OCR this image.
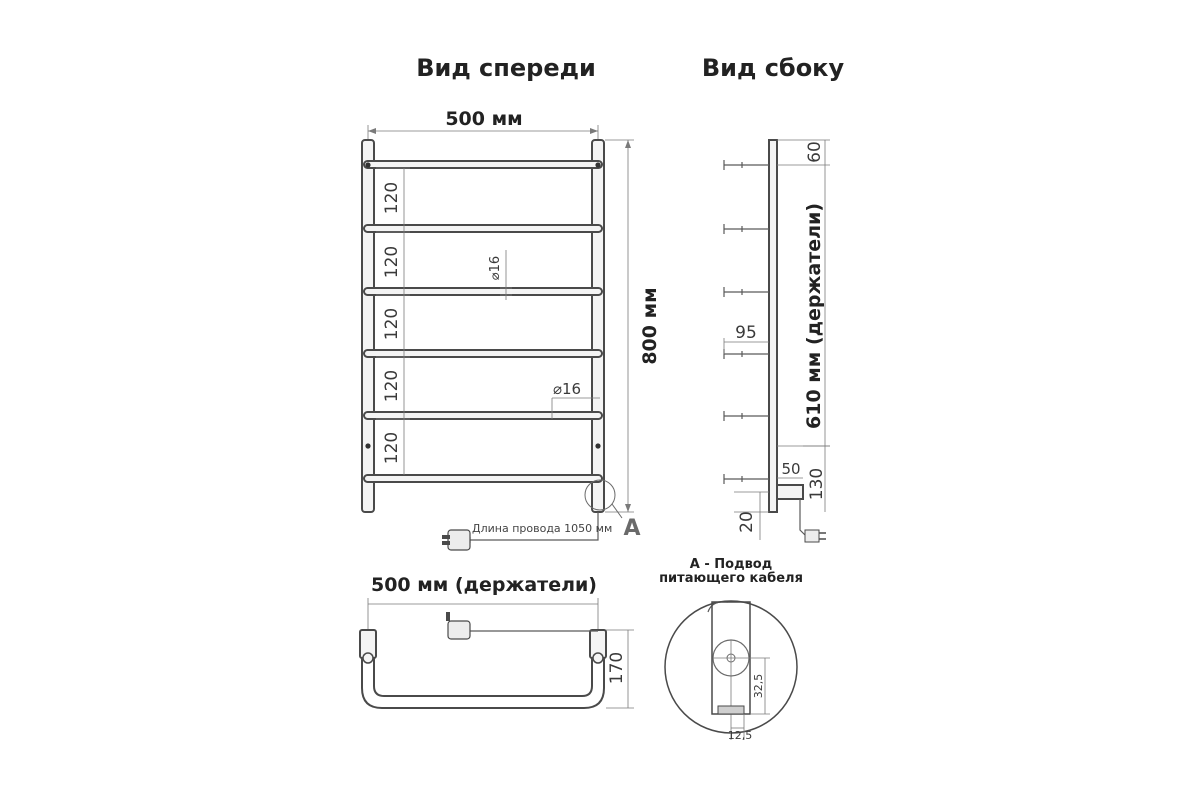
Вид спереди	Вид сбоку
500 мм
800 мм
120
120
120
120
120
⌀16
⌀16
A
Длина провода 1050 мм
60
610 мм (держатели)
95
50 130
20
500 мм (держатели)
170
A - Подвод
питающего кабеля
32,5
12,5
